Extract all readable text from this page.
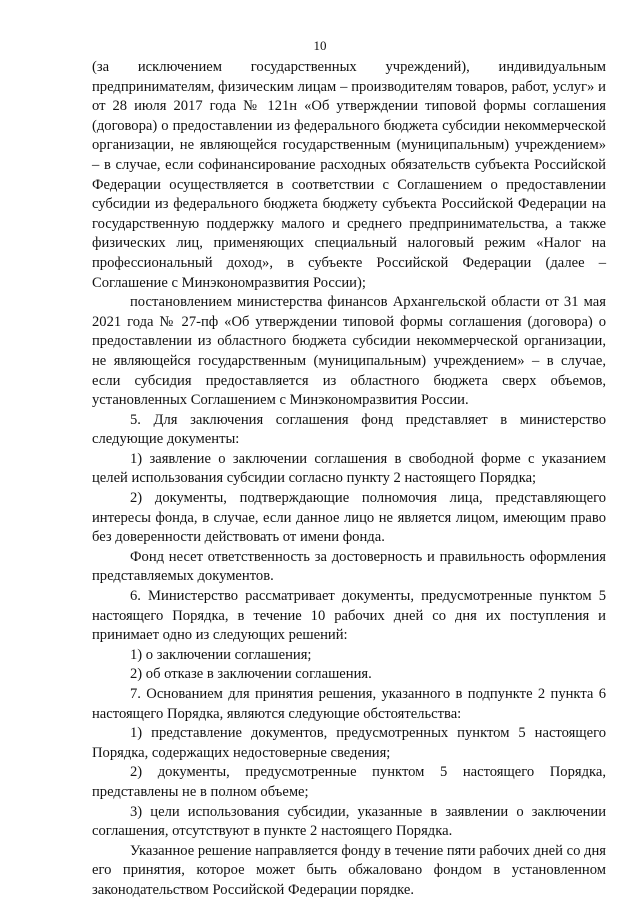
10

(за исключением государственных учреждений), индивидуальным предпринимателям, физическим лицам – производителям товаров, работ, услуг» и от 28 июля 2017 года № 121н «Об утверждении типовой формы соглашения (договора) о предоставлении из федерального бюджета субсидии некоммерческой организации, не являющейся государственным (муниципальным) учреждением» – в случае, если софинансирование расходных обязательств субъекта Российской Федерации осуществляется в соответствии с Соглашением о предоставлении субсидии из федерального бюджета бюджету субъекта Российской Федерации на государственную поддержку малого и среднего предпринимательства, а также физических лиц, применяющих специальный налоговый режим «Налог на профессиональный доход», в субъекте Российской Федерации (далее – Соглашение с Минэкономразвития России);

постановлением министерства финансов Архангельской области от 31 мая 2021 года № 27-пф «Об утверждении типовой формы соглашения (договора) о предоставлении из областного бюджета субсидии некоммерческой организации, не являющейся государственным (муниципальным) учреждением» – в случае, если субсидия предоставляется из областного бюджета сверх объемов, установленных Соглашением с Минэкономразвития России.

5. Для заключения соглашения фонд представляет в министерство следующие документы:

1) заявление о заключении соглашения в свободной форме с указанием целей использования субсидии согласно пункту 2 настоящего Порядка;

2) документы, подтверждающие полномочия лица, представляющего интересы фонда, в случае, если данное лицо не является лицом, имеющим право без доверенности действовать от имени фонда.

Фонд несет ответственность за достоверность и правильность оформления представляемых документов.

6. Министерство рассматривает документы, предусмотренные пунктом 5 настоящего Порядка, в течение 10 рабочих дней со дня их поступления и принимает одно из следующих решений:

1) о заключении соглашения;

2) об отказе в заключении соглашения.

7. Основанием для принятия решения, указанного в подпункте 2 пункта 6 настоящего Порядка, являются следующие обстоятельства:

1) представление документов, предусмотренных пунктом 5 настоящего Порядка, содержащих недостоверные сведения;

2) документы, предусмотренные пунктом 5 настоящего Порядка, представлены не в полном объеме;

3) цели использования субсидии, указанные в заявлении о заключении соглашения, отсутствуют в пункте 2 настоящего Порядка.

Указанное решение направляется фонду в течение пяти рабочих дней со дня его принятия, которое может быть обжаловано фондом в установленном законодательством Российской Федерации порядке.
